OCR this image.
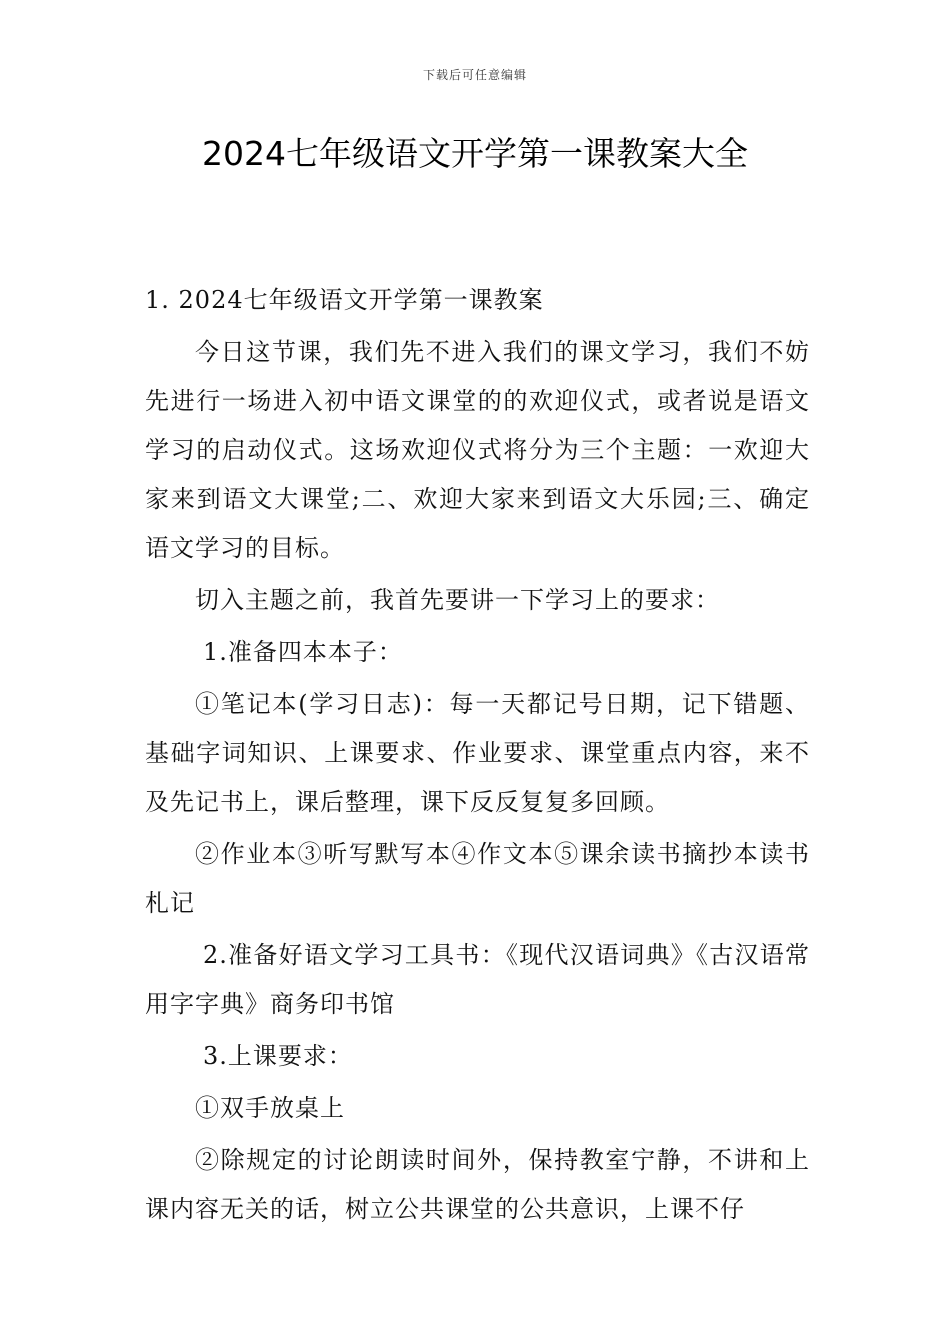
下载后可任意编辑
2024七年级语文开学第一课教案大全

1. 2024七年级语文开学第一课教案

今日这节课，我们先不进入我们的课文学习，我们不妨先进行一场进入初中语文课堂的的欢迎仪式，或者说是语文学习的启动仪式。这场欢迎仪式将分为三个主题：一欢迎大家来到语文大课堂;二、欢迎大家来到语文大乐园;三、确定语文学习的目标。

切入主题之前，我首先要讲一下学习上的要求：

1.准备四本本子：

①笔记本(学习日志)：每一天都记号日期，记下错题、基础字词知识、上课要求、作业要求、课堂重点内容，来不及先记书上，课后整理，课下反反复复多回顾。

②作业本③听写默写本④作文本⑤课余读书摘抄本读书札记

2.准备好语文学习工具书：《现代汉语词典》《古汉语常用字字典》商务印书馆

3.上课要求：

①双手放桌上

②除规定的讨论朗读时间外，保持教室宁静，不讲和上课内容无关的话，树立公共课堂的公共意识，上课不仔
